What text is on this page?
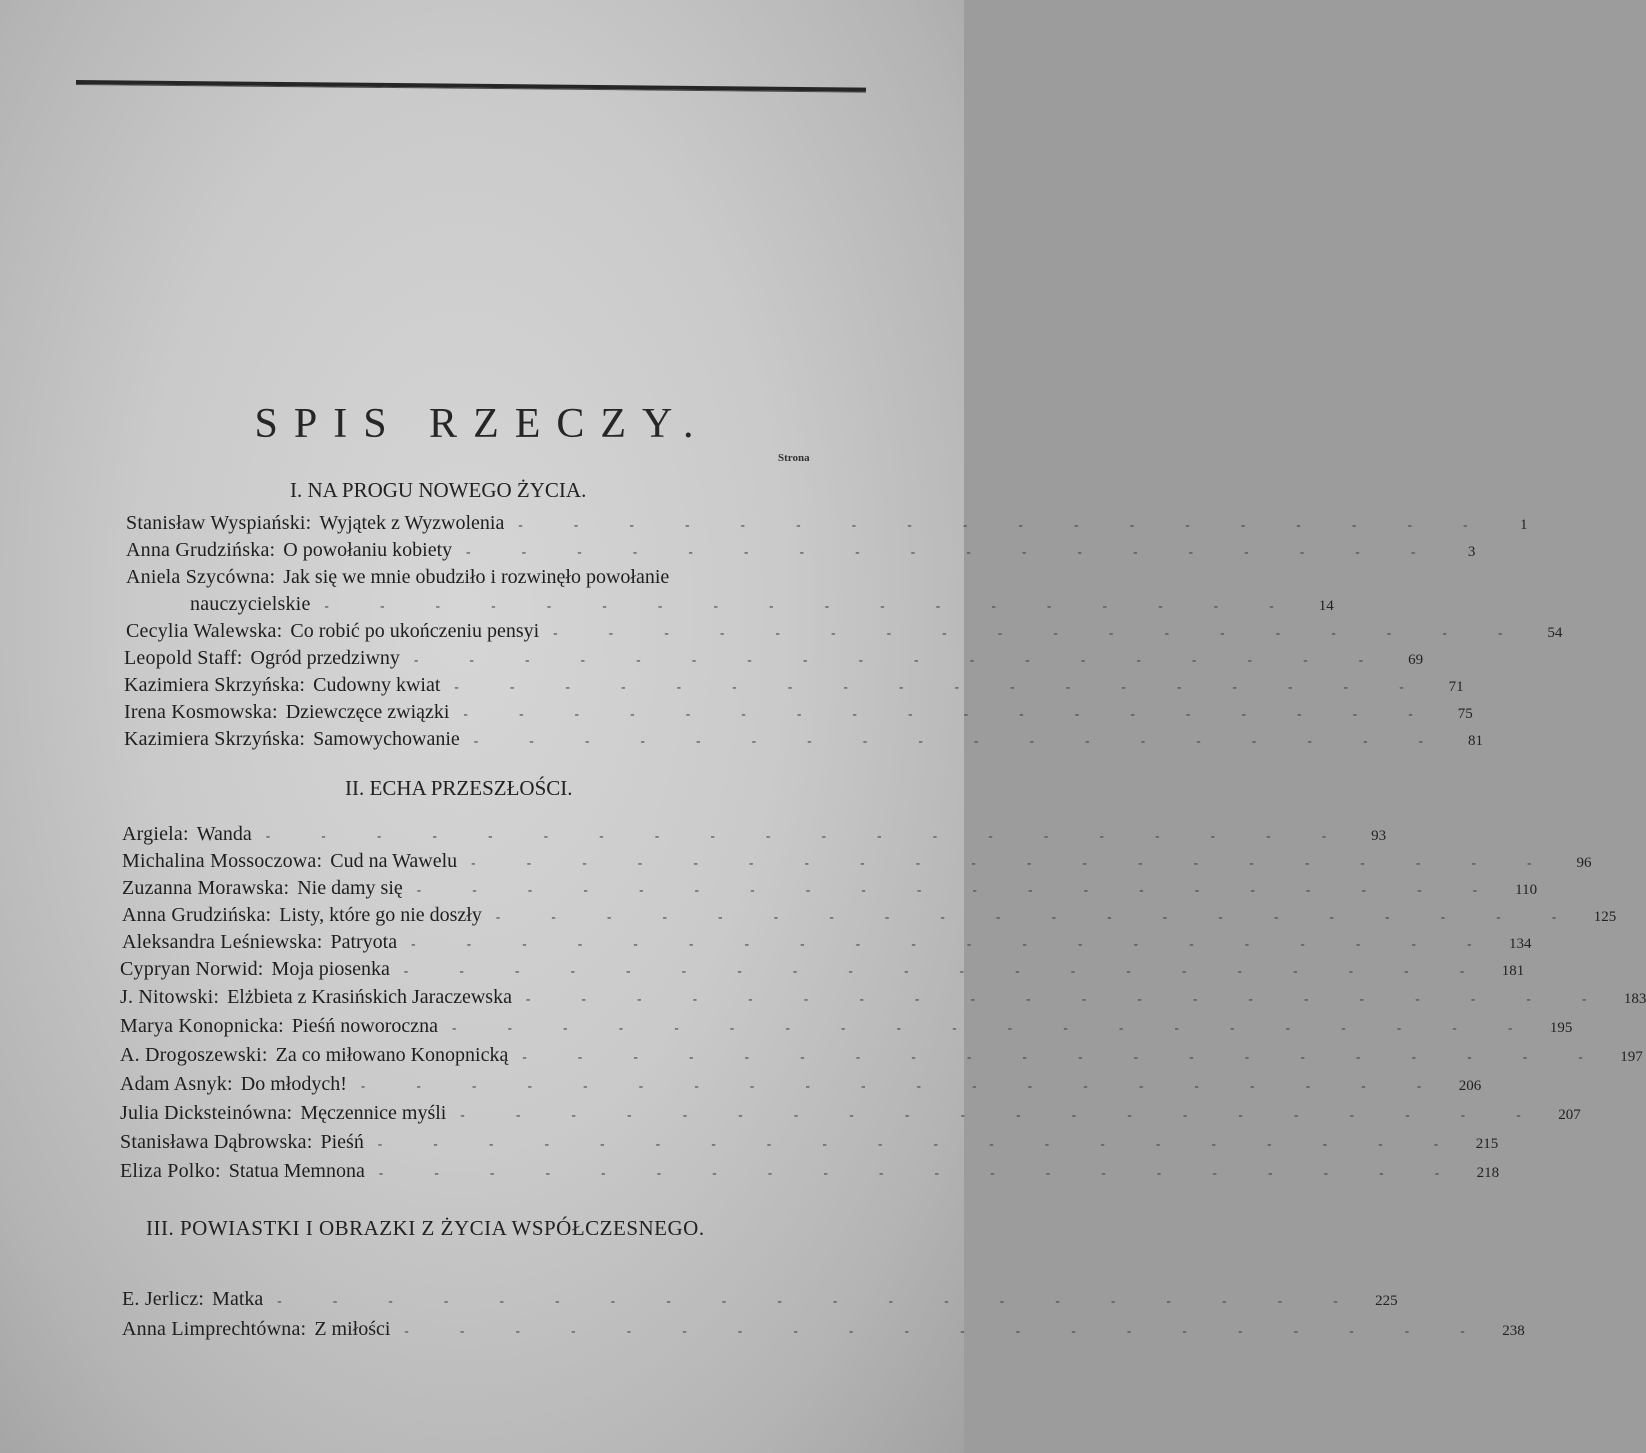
SPIS RZECZY.
Strona
I. NA PROGU NOWEGO ŻYCIA.
Stanisław Wyspiański: Wyjątek z Wyzwolenia - - - - - - - - - - - - - - - - - -	1
Anna Grudzińska: O powołaniu kobiety - - - - - - - - - - - - - - - - - -	3
Aniela Szycówna: Jak się we mnie obudziło i rozwinęło powołanie
nauczycielskie - - - - - - - - - - - - - - - - - -	14
Cecylia Walewska: Co robić po ukończeniu pensyi - - - - - - - - - - - - - - - - - -	54
Leopold Staff: Ogród przedziwny - - - - - - - - - - - - - - - - - -	69
Kazimiera Skrzyńska: Cudowny kwiat - - - - - - - - - - - - - - - - - -	71
Irena Kosmowska: Dziewczęce związki - - - - - - - - - - - - - - - - - -	75
Kazimiera Skrzyńska: Samowychowanie - - - - - - - - - - - - - - - - - -	81
II. ECHA PRZESZŁOŚCI.
Argiela: Wanda - - - - - - - - - - - - - - - - - - - -	93
Michalina Mossoczowa: Cud na Wawelu - - - - - - - - - - - - - - - - - - - -	96
Zuzanna Morawska: Nie damy się - - - - - - - - - - - - - - - - - - - - 110
Anna Grudzińska: Listy, które go nie doszły - - - - - - - - - - - - - - - - - - - - 125
Aleksandra Leśniewska: Patryota - - - - - - - - - - - - - - - - - - - - 134
Cypryan Norwid: Moja piosenka - - - - - - - - - - - - - - - - - - - - 181
J. Nitowski: Elżbieta z Krasińskich Jaraczewska - - - - - - - - - - - - - - - - - - - - 183
Marya Konopnicka: Pieśń noworoczna - - - - - - - - - - - - - - - - - - - - 195
A. Drogoszewski: Za co miłowano Konopnicką - - - - - - - - - - - - - - - - - - - - 197
Adam Asnyk: Do młodych! - - - - - - - - - - - - - - - - - - - - 206
Julia Dicksteinówna: Męczennice myśli - - - - - - - - - - - - - - - - - - - - 207
Stanisława Dąbrowska: Pieśń - - - - - - - - - - - - - - - - - - - - 215
Eliza Polko: Statua Memnona - - - - - - - - - - - - - - - - - - - - 218
III. POWIASTKI I OBRAZKI Z ŻYCIA WSPÓŁCZESNEGO.
E. Jerlicz: Matka - - - - - - - - - - - - - - - - - - - - 225
Anna Limprechtówna: Z miłości - - - - - - - - - - - - - - - - - - - - 238
